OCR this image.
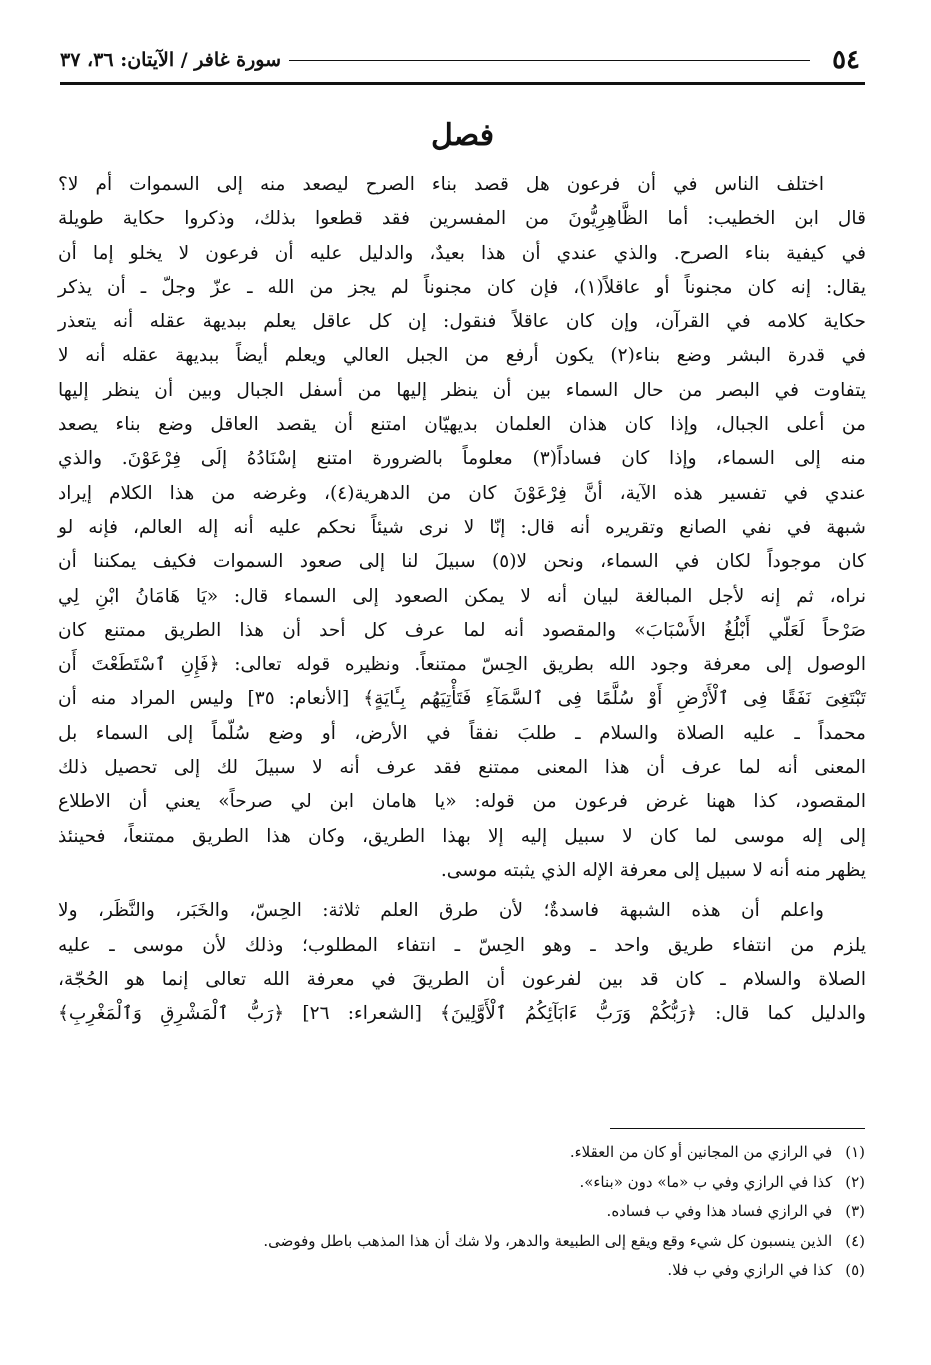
٥٤
سورة غافر / الآيتان: ٣٦، ٣٧
فصل

اختلف الناس في أن فرعون هل قصد بناء الصرح ليصعد منه إلى السموات أم لا؟
قال ابن الخطيب: أما الظَّاهِرِيُّونَ من المفسرين فقد قطعوا بذلك، وذكروا حكاية طويلة
في كيفية بناء الصرح. والذي عندي أن هذا بعيدٌ، والدليل عليه أن فرعون لا يخلو إما أن
يقال: إنه كان مجنوناً أو عاقلاً(١)، فإن كان مجنوناً لم يجز من الله ـ عزّ وجلّ ـ أن يذكر
حكاية كلامه في القرآن، وإن كان عاقلاً فنقول: إن كل عاقل يعلم ببديهة عقله أنه يتعذر
في قدرة البشر وضع بناء(٢) يكون أرفع من الجبل العالي ويعلم أيضاً ببديهة عقله أنه لا
يتفاوت في البصر من حال السماء بين أن ينظر إليها من أسفل الجبال وبين أن ينظر إليها
من أعلى الجبال، وإذا كان هذان العلمان بديهيّان امتنع أن يقصد العاقل وضع بناء يصعد
منه إلى السماء، وإذا كان فساداً(٣) معلوماً بالضرورة امتنع إسْنَادُهُ إلَى فِرْعَوْنَ. والذي
عندي في تفسير هذه الآية، أنَّ فِرْعَوْنَ كان من الدهرية(٤)، وغرضه من هذا الكلام إيراد
شبهة في نفي الصانع وتقريره أنه قال: إنّا لا نرى شيئاً نحكم عليه أنه إله العالم، فإنه لو
كان موجوداً لكان في السماء، ونحن لا(٥) سبيلَ لنا إلى صعود السموات فكيف يمكننا أن
نراه، ثم إنه لأجل المبالغة لبيان أنه لا يمكن الصعود إلى السماء قال: «يَا هَامَانُ ابْنِ لِي
صَرْحاً لَعَلّي أَبْلُغُ الأَسْبَابَ» والمقصود أنه لما عرف كل أحد أن هذا الطريق ممتنع كان
الوصول إلى معرفة وجود الله بطريق الحِسّ ممتنعاً. ونظيره قوله تعالى: ﴿فَإِنِ ٱسْتَطَعْتَ أَن
تَبْتَغِىَ نَفَقًا فِى ٱلْأَرْضِ أَوْ سُلَّمًا فِى ٱلسَّمَآءِ فَتَأْتِيَهُم بِـَٔايَةٍ﴾ [الأنعام: ٣٥] وليس المراد منه أن
محمداً ـ عليه الصلاة والسلام ـ طلبَ نفقاً في الأرض، أو وضع سُلّماً إلى السماء بل
المعنى أنه لما عرف أن هذا المعنى ممتنع فقد عرف أنه لا سبيلَ لك إلى تحصيل ذلك
المقصود، كذا ههنا غرض فرعون من قوله: «يا هامان ابن لي صرحاً» يعني أن الاطلاع
إلى إله موسى لما كان لا سبيل إليه إلا بهذا الطريق، وكان هذا الطريق ممتنعاً، فحينئذ
يظهر منه أنه لا سبيل إلى معرفة الإله الذي يثبته موسى.

واعلم أن هذه الشبهة فاسدةٌ؛ لأن طرق العلم ثلاثة: الحِسّ، والخَبَر، والنَّظَر، ولا
يلزم من انتفاء طريق واحد ـ وهو الحِسّ ـ انتفاء المطلوب؛ وذلك لأن موسى ـ عليه
الصلاة والسلام ـ كان قد بين لفرعون أن الطريقَ في معرفة الله تعالى إنما هو الحُجّة،
والدليل كما قال: ﴿رَبُّكُمْ وَرَبُّ ءَابَآئِكُمُ ٱلْأَوَّلِينَ﴾ [الشعراء: ٢٦] ﴿رَبُّ ٱلْمَشْرِقِ وَٱلْمَغْرِبِ﴾

(١) في الرازي من المجانين أو كان من العقلاء.
(٢) كذا في الرازي وفي ب «ما» دون «بناء».
(٣) في الرازي فساد هذا وفي ب فساده.
(٤) الذين ينسبون كل شيء وقع ويقع إلى الطبيعة والدهر، ولا شك أن هذا المذهب باطل وفوضى.
(٥) كذا في الرازي وفي ب فلا.
